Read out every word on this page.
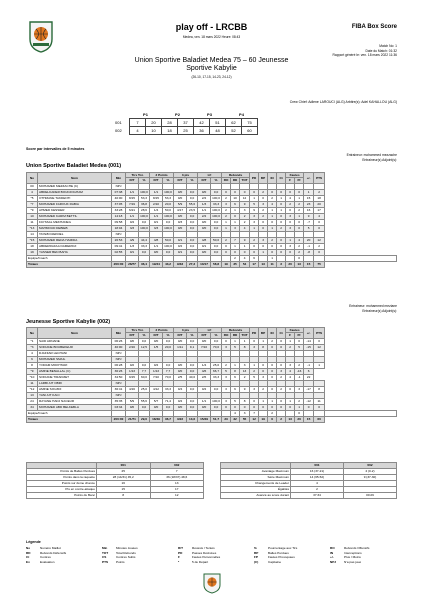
play off - LRCBB
Medea, ven. 18 mars 2022 Heure: 08:43
FIBA Box Score
Match No: 1
Date du Match: 01:32
Rapport généré le: ven. 18 mars 2022 11:36
Union Sportive Baladiet Medea 75 – 60 Jeunesse
Sportive Kabylie
(26-10, 17-15, 14-23, 24-12)
Crew Chief: Adlene LAROUCI (ALG) Arbitre(s): Adel KAHALLOU (ALG)
Score par intervalles de 5 minutes
	P1		P2		P3		P4	
001	7	20	28	37	42	51	62	75
002	4	10	18	25	36	48	52	60
Entraineur: mohammed mezzache
Entraineur(s) Adjoint(s):
Union Sportive Baladiet Medea (001)
No	Nom	Min	Tirs Tot.		2 Points		3 pts		LF		Rebonds			PD	BP	IN	Ct	Fautes		+/-	PTS	
			R/T	%	R/T	%	R/T	%	R/T	%	RO	RD	TOT					F	Pr			
00	MOHAMED MEZZACHE (C)	NPJ																				
4	ABDELKADER BOUDJOGHAM	07:38	1/1	100,0	1/1	100,0	0/0	0,0	0/0	0,0	0	0	0	0	2	0	0	0	0	1	2	
*5	OTHMANE TAKDENTI	40:00	8/15	53,3	8/15	53,3	0/0	0,0	2/2	100,0	2	10	12	1	0	2	1	4	1	15	18	
*7	MOHAMED FAROUK RABIA	37:05	7/19	36,8	2/10	20,0	5/9	55,6	1/3	33,3	3	6	9	5	3	4	0	2	2	23	20	
*9	AHMED KESSIER	33:28	6/21	28,6	1/4	50,0	4/17	23,5	1/1	100,0	2	1	3	9	2	1	1	0	2	16	17	
10	MOHAMED KARIM BETTIL	14:18	1/1	100,0	1/1	100,0	0/0	0,0	2/2	100,0	2	0	2	3	2	1	0	3	1	9	4	
11	FAYSSAL MEKHANEG	09:58	0/4	0,0	0/1	0,0	0/3	0,0	0/0	0,0	1	1	2	3	0	0	0	0	0	-7	0	
*13	MAHMOUD DEBIEB	18:04	3/3	100,0	3/3	100,0	0/0	0,0	0/0	0,0	1	3	4	1	0	1	2	3	0	5	0	
14	TAYEB DJEKDEL	NPJ																				
*15	MOHAMED REDA HAMIDA	26:53	4/9	44,4	4/8	50,0	0/1	0,0	4/8	50,0	2	7	9	2	3	2	0	1	4	20	12	
18	ABDERRAFAA DAMERDJI	09:41	1/3	33,3	1/1	100,0	0/2	0,0	0/1	0,0	0	1	1	0	0	0	0	3	2	-1	2	
19	YASSER BEN BAHA	02:55	0/1	0,0	0/0	0,0	0/1	0,0	0/0	0,0	0	0	0	0	1	0	0	0	2	-8	0	
Equipe/Coach												2	4	6		1			0			
Totaux		200:00	28/77	36,4	19/44	43,2	9/33	27,3	10/17	58,8	19	35	54	17	13	11	3	20	13	15	75	
Entraineur: mohammed meziane
Entraineur(s) Adjoint(s):
Jeunesse Sportive Kabylie (002)
No	Nom	Min	Tirs Tot.		2 Points		3 pts		LF		Rebonds			PD	BP	IN	Ct	Fautes		+/-	PTS	
			R/T	%	R/T	%	R/T	%	R/T	%	RO	RD	TOT					F	Pr			
*1	SAID ADNANE	06:26	0/0	0,0	0/0	0,0	0/0	0,0	0/0	0,0	0	1	1	0	1	2	0	1	0	-14	0	
*3	SOFIANE BOUBEKEUR	40:00	2/16	12,5	1/5	20,0	1/11	9,1	7/10	70,0	3	5	8	3	8	0	0	2	5	-15	12	
4	DJAFFAR LECHANI	NPJ																				
6	MOHAMED SMAIL	NPJ																				
8	YORAM MOKHTARI	06:28	0/2	0,0	0/2	0,0	0/0	0,0	1/4	25,0	2	1	3	1	0	0	0	3	2	-1	1	
*9	AMINE BENALLAL (C)	36:26	1/13	7,7	1/13	7,7	0/0	0,0	4/6	66,7	5	8	13	2	0	0	3	4	-16	6		
*10	SOFIANE TIRAKMET	34:50	9/15	60,0	7/10	70,0	2/5	40,0	2/6	33,3	3	6	2	5	3	0	2	4	-1	22		
11	LARBI AIT OBRI	NPJ																				
*12	AMINE SOUZDI	36:41	4/16	25,0	4/12	33,3	0/4	0,0	0/2	0,0	3	6	9	3	2	0	2	0	3	-17	8	
13	YANI AIT KACI	NPJ																				
24	RAYANE HADJ NACEUR	35:35	5/9	55,6	5/7	71,4	0/2	0,0	1/1	100,0	3	5	8	0	1	1	0	1	2	-12	11	
34	MOHAMED ABD BELKEBLA	03:34	0/0	0,0	0/0	0,0	0/0	0,0	0/0	0,0	0	0	0	0	0	0	0	0	1	0	0	
Equipe/Coach												4	3	7		2			0			
Totaux		200:00	21/71	29,6	18/49	36,7	3/22	13,6	15/29	51,7	23	32	55	12	19	6	2	13	20	15	60	
	001	002
Points de Balles Perdues	25	7
Points dans la raquette	28 (14/31) 45,2	36 (18/37) 48,6
Points sur 2ème chance	16	13
Pts en contre-attaque	15	17
Points du Banc	8	12
	001	002
Avantage Maximum	16 (37-21)	2 (0-2)
Série Maximum	14 (65-52)	9 (37-30)
Changements de Leader	4	
Égalités	2	
Avancé au score durant	37:34	00:29
Légende
No	Numéro Maillot	Min	Minutes Jouées	R/T	Réussis / Tentés	%	Pourcentage aux Tirs	RO	Rebonds Offensifs
RD	Rebonds Défensifs	TOT	Total Rebonds	PD	Passes Décisives	BP	Balles Perdues	IN	Interceptions
Ct	Contres	CS	Contres Subis	F	Fautes Personnelles	FP	Fautes Provoquées	+/-	Plus / Moins
Ev	Evaluation	PTS	Points	*	5 de Départ	(C)	Capitaine	NPJ	N'a pas joué
